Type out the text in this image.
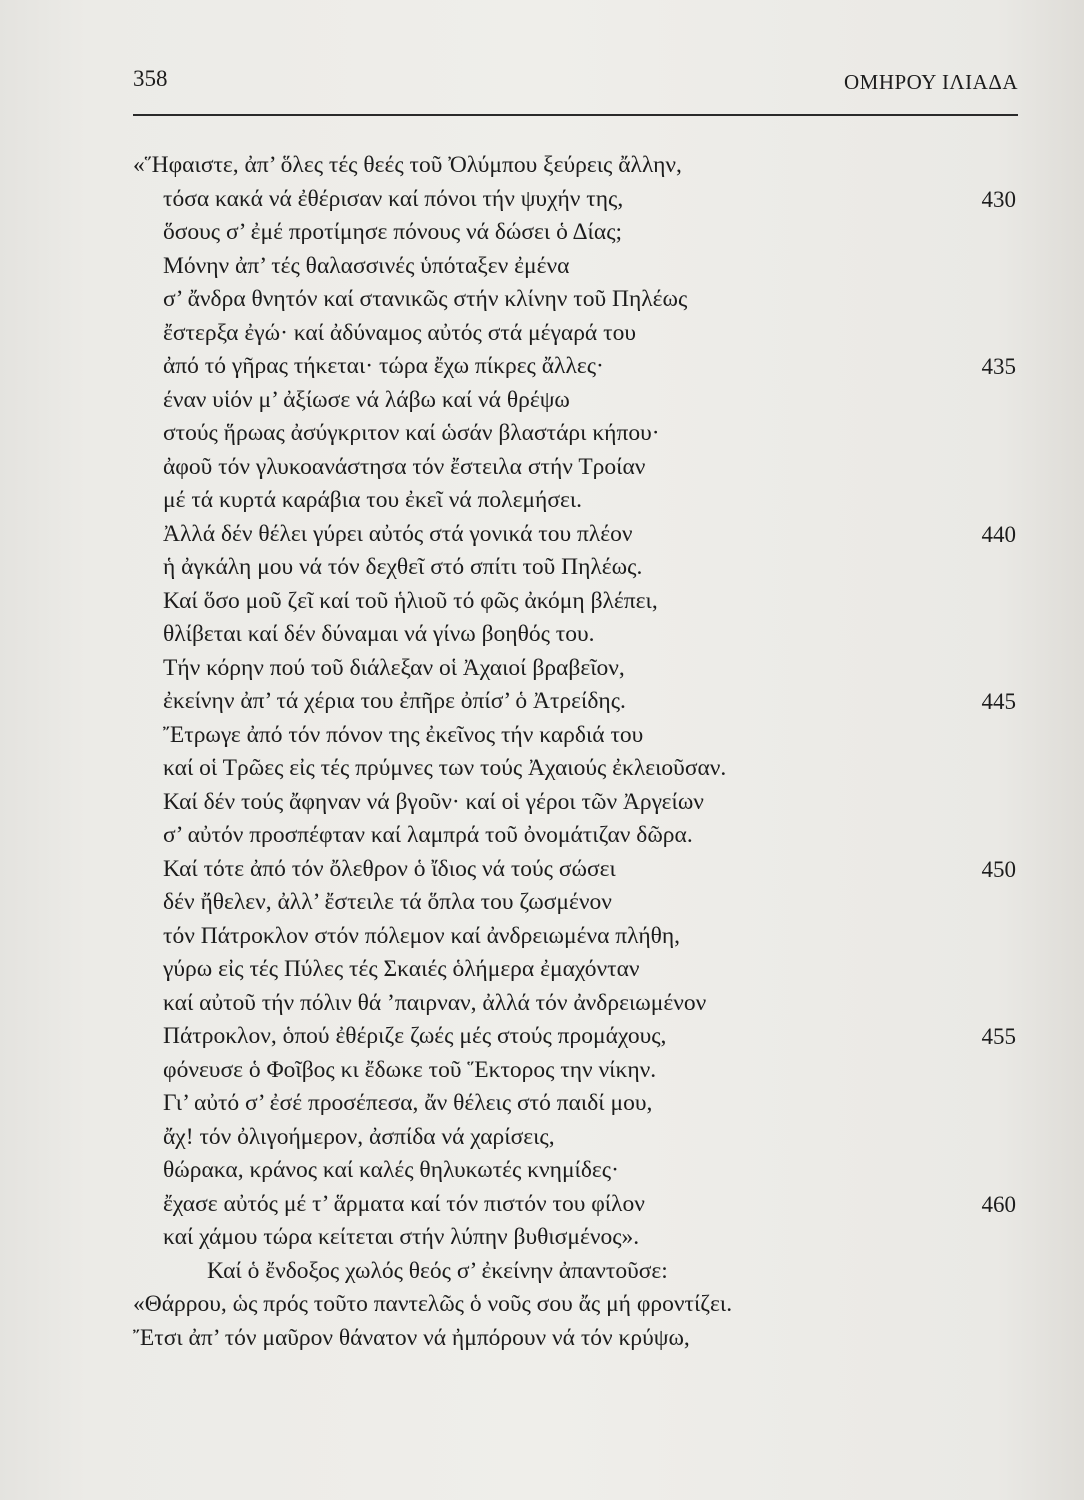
358	ΟΜΗΡΟΥ ΙΛΙΑΔΑ
«Ἥφαιστε, ἀπ’ ὅλες τές θεές τοῦ Ὀλύμπου ξεύρεις ἄλλην,
τόσα κακά νά ἐθέρισαν καί πόνοι τήν ψυχήν της,	430
ὅσους σ’ ἐμέ προτίμησε πόνους νά δώσει ὁ Δίας;
Μόνην ἀπ’ τές θαλασσινές ὑπόταξεν ἐμένα
σ’ ἄνδρα θνητόν καί στανικῶς στήν κλίνην τοῦ Πηλέως
ἔστερξα ἐγώ· καί ἀδύναμος αὐτός στά μέγαρά του
ἀπό τό γῆρας τήκεται· τώρα ἔχω πίκρες ἄλλες·	435
έναν υἱόν μ’ ἀξίωσε νά λάβω καί νά θρέψω
στούς ἥρωας ἀσύγκριτον καί ὡσάν βλαστάρι κήπου·
ἀφοῦ τόν γλυκοανάστησα τόν ἔστειλα στήν Τροίαν
μέ τά κυρτά καράβια του ἐκεῖ νά πολεμήσει.
Ἀλλά δέν θέλει γύρει αὐτός στά γονικά του πλέον	440
ἡ ἀγκάλη μου νά τόν δεχθεῖ στό σπίτι τοῦ Πηλέως.
Καί ὅσο μοῦ ζεῖ καί τοῦ ἡλιοῦ τό φῶς ἀκόμη βλέπει,
θλίβεται καί δέν δύναμαι νά γίνω βοηθός του.
Τήν κόρην πού τοῦ διάλεξαν οἱ Ἀχαιοί βραβεῖον,
ἐκείνην ἀπ’ τά χέρια του ἐπῆρε ὀπίσ’ ὁ Ἀτρείδης.	445
Ἔτρωγε ἀπό τόν πόνον της ἐκεῖνος τήν καρδιά του
καί οἱ Τρῶες εἰς τές πρύμνες των τούς Ἀχαιούς ἐκλειοῦσαν.
Καί δέν τούς ἄφηναν νά βγοῦν· καί οἱ γέροι τῶν Ἀργείων
σ’ αὐτόν προσπέφταν καί λαμπρά τοῦ ὀνομάτιζαν δῶρα.
Καί τότε ἀπό τόν ὄλεθρον ὁ ἴδιος νά τούς σώσει	450
δέν ἤθελεν, ἀλλ’ ἔστειλε τά ὅπλα του ζωσμένον
τόν Πάτροκλον στόν πόλεμον καί ἀνδρειωμένα πλήθη,
γύρω εἰς τές Πύλες τές Σκαιές ὁλήμερα ἐμαχόνταν
καί αὐτοῦ τήν πόλιν θά ’παιρναν, ἀλλά τόν ἀνδρειωμένον
Πάτροκλον, ὁπού ἐθέριζε ζωές μές στούς προμάχους,	455
φόνευσε ὁ Φοῖβος κι ἔδωκε τοῦ Ἕκτορος την νίκην.
Γι’ αὐτό σ’ ἐσέ προσέπεσα, ἄν θέλεις στό παιδί μου,
ἄχ! τόν ὀλιγοήμερον, ἀσπίδα νά χαρίσεις,
θώρακα, κράνος καί καλές θηλυκωτές κνημίδες·
ἔχασε αὐτός μέ τ’ ἅρματα καί τόν πιστόν του φίλον	460
καί χάμου τώρα κείτεται στήν λύπην βυθισμένος».
Καί ὁ ἔνδοξος χωλός θεός σ’ ἐκείνην ἀπαντοῦσε:
«Θάρρου, ὡς πρός τοῦτο παντελῶς ὁ νοῦς σου ἄς μή φροντίζει.
Ἔτσι ἀπ’ τόν μαῦρον θάνατον νά ἠμπόρουν νά τόν κρύψω,
